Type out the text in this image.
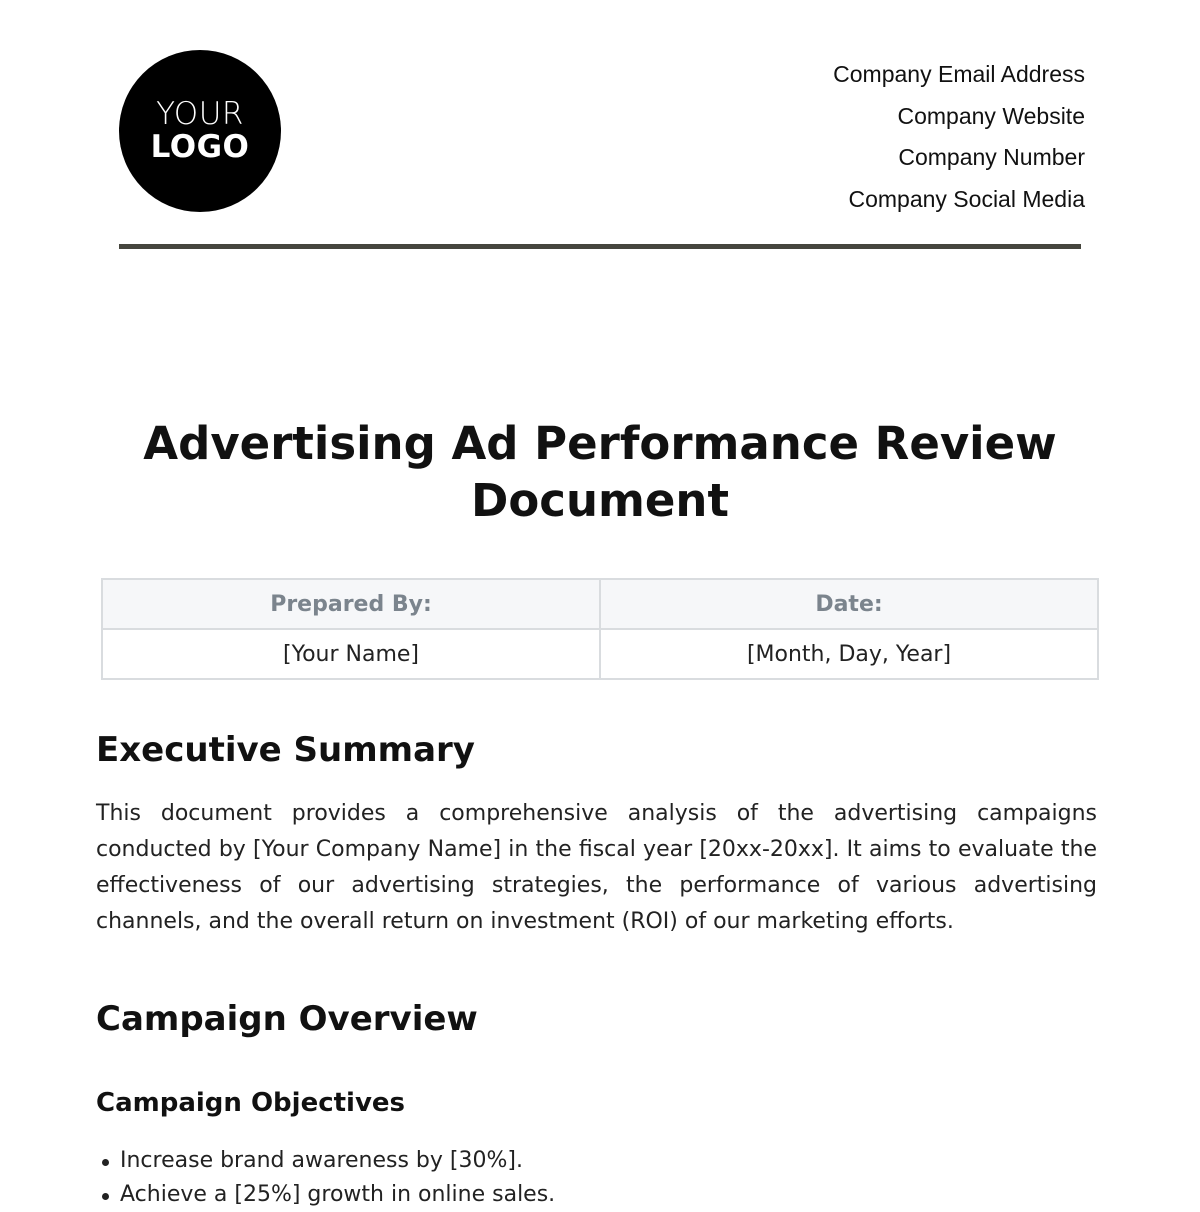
YOUR
LOGO
Company Email Address
Company Website
Company Number
Company Social Media
Advertising Ad Performance Review Document
Prepared By:	Date:
[Your Name]	[Month, Day, Year]
Executive Summary

This document provides a comprehensive analysis of the advertising campaigns conducted by [Your Company Name] in the fiscal year [20xx-20xx]. It aims to evaluate the effectiveness of our advertising strategies, the performance of various advertising channels, and the overall return on investment (ROI) of our marketing efforts.

Campaign Overview
Campaign Objectives
Increase brand awareness by [30%].
Achieve a [25%] growth in online sales.
